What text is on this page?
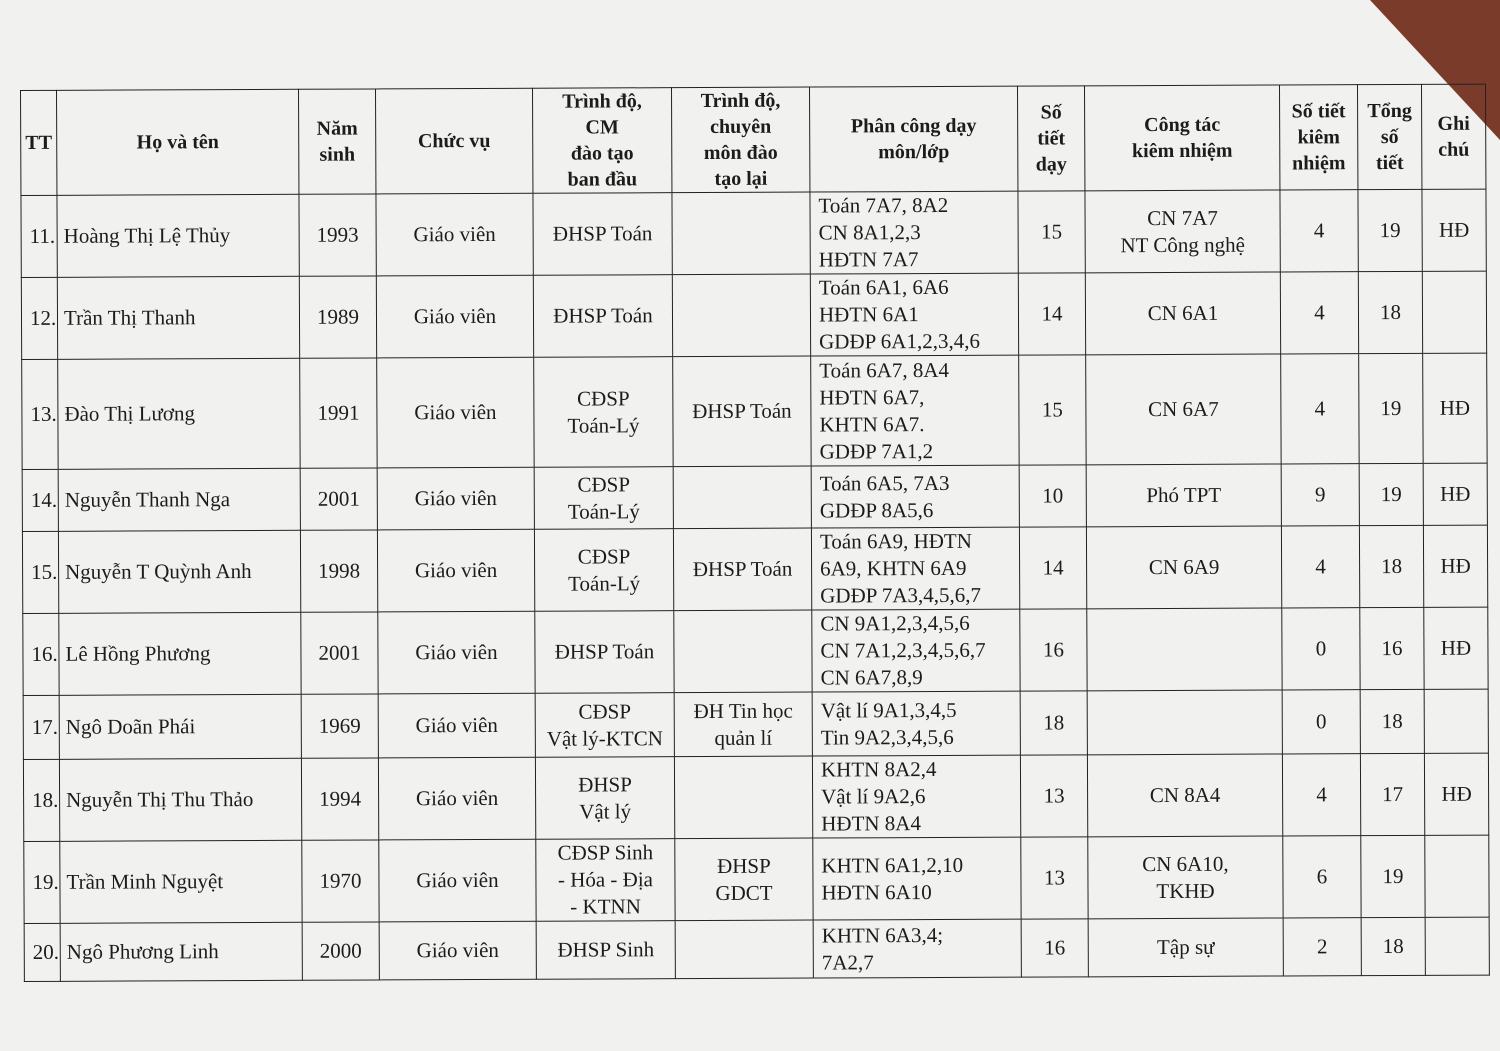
TT	Họ và tên	Năm
sinh	Chức vụ	Trình độ,
CM
đào tạo
ban đầu	Trình độ,
chuyên
môn đào
tạo lại	Phân công dạy
môn/lớp	Số
tiết
dạy	Công tác
kiêm nhiệm	Số tiết
kiêm
nhiệm	Tổng
số
tiết	Ghi
chú
11.	Hoàng Thị Lệ Thủy	1993	Giáo viên	ĐHSP Toán		Toán 7A7, 8A2
CN 8A1,2,3
HĐTN 7A7	15	CN 7A7
NT Công nghệ	4	19	HĐ
12.	Trần Thị Thanh	1989	Giáo viên	ĐHSP Toán		Toán 6A1, 6A6
HĐTN 6A1
GDĐP 6A1,2,3,4,6	14	CN 6A1	4	18	
13.	Đào Thị Lương	1991	Giáo viên	CĐSP
Toán-Lý	ĐHSP Toán	Toán 6A7, 8A4
HĐTN 6A7,
KHTN 6A7.
GDĐP 7A1,2	15	CN 6A7	4	19	HĐ
14.	Nguyễn Thanh Nga	2001	Giáo viên	CĐSP
Toán-Lý		Toán 6A5, 7A3
GDĐP 8A5,6	10	Phó TPT	9	19	HĐ
15.	Nguyễn T Quỳnh Anh	1998	Giáo viên	CĐSP
Toán-Lý	ĐHSP Toán	Toán 6A9, HĐTN
6A9, KHTN 6A9
GDĐP 7A3,4,5,6,7	14	CN 6A9	4	18	HĐ
16.	Lê Hồng Phương	2001	Giáo viên	ĐHSP Toán		CN 9A1,2,3,4,5,6
CN 7A1,2,3,4,5,6,7
CN 6A7,8,9	16		0	16	HĐ
17.	Ngô Doãn Phái	1969	Giáo viên	CĐSP
Vật lý-KTCN	ĐH Tin học
quản lí	Vật lí 9A1,3,4,5
Tin 9A2,3,4,5,6	18		0	18	
18.	Nguyễn Thị Thu Thảo	1994	Giáo viên	ĐHSP
Vật lý		KHTN 8A2,4
Vật lí 9A2,6
HĐTN 8A4	13	CN 8A4	4	17	HĐ
19.	Trần Minh Nguyệt	1970	Giáo viên	CĐSP Sinh
- Hóa - Địa
- KTNN	ĐHSP
GDCT	KHTN 6A1,2,10
HĐTN 6A10	13	CN 6A10,
TKHĐ	6	19	
20.	Ngô Phương Linh	2000	Giáo viên	ĐHSP Sinh		KHTN 6A3,4;
7A2,7	16	Tập sự	2	18	
